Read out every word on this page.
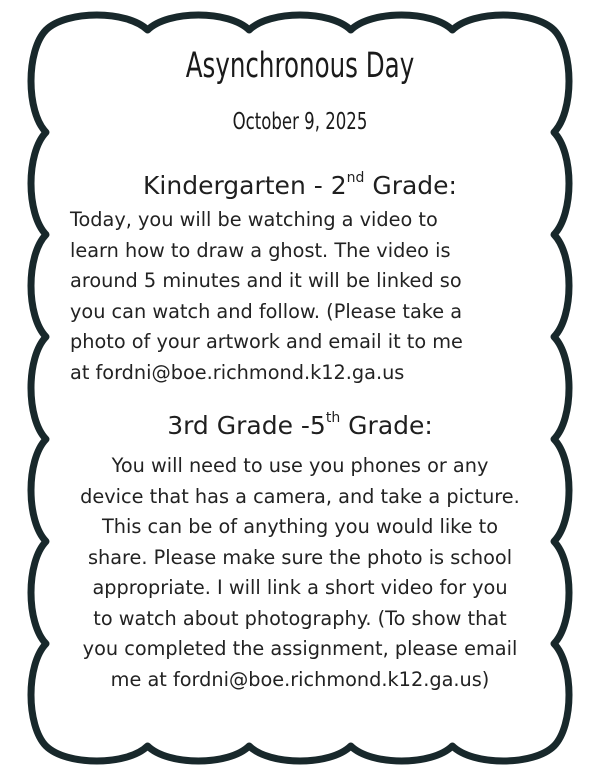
Asynchronous Day
October 9, 2025
Kindergarten - 2nd Grade:
Today, you will be watching a video to
learn how to draw a ghost. The video is
around 5 minutes and it will be linked so
you can watch and follow. (Please take a
photo of your artwork and email it to me
at fordni@boe.richmond.k12.ga.us
3rd Grade -5th Grade:
You will need to use you phones or any
device that has a camera, and take a picture.
This can be of anything you would like to
share. Please make sure the photo is school
appropriate. I will link a short video for you
to watch about photography. (To show that
you completed the assignment, please email
me at fordni@boe.richmond.k12.ga.us)
